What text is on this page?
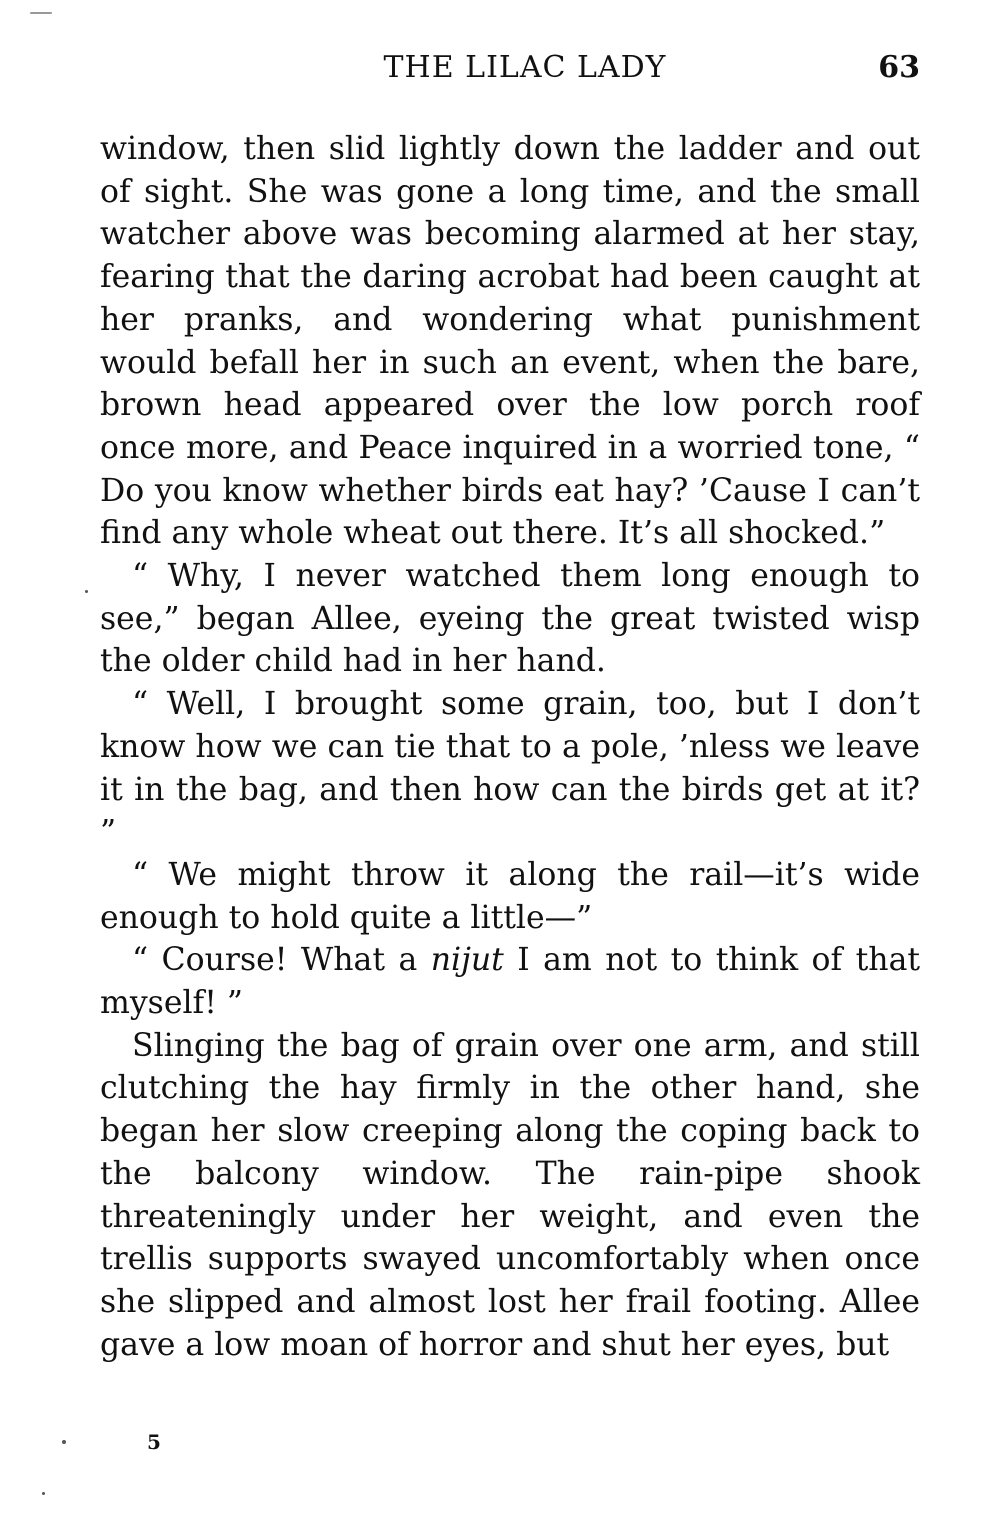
THE LILAC LADY	63

window, then slid lightly down the ladder and out of sight. She was gone a long time, and the small watcher above was becoming alarmed at her stay, fearing that the daring acrobat had been caught at her pranks, and wondering what punishment would befall her in such an event, when the bare, brown head appeared over the low porch roof once more, and Peace inquired in a worried tone, “ Do you know whether birds eat hay? ’Cause I can’t find any whole wheat out there. It’s all shocked.”

“ Why, I never watched them long enough to see,” began Allee, eyeing the great twisted wisp the older child had in her hand.

“ Well, I brought some grain, too, but I don’t know how we can tie that to a pole, ’nless we leave it in the bag, and then how can the birds get at it? ”

“ We might throw it along the rail—it’s wide enough to hold quite a little—”

“ Course! What a nijut I am not to think of that myself! ”

Slinging the bag of grain over one arm, and still clutching the hay firmly in the other hand, she began her slow creeping along the coping back to the balcony window. The rain-pipe shook threateningly under her weight, and even the trellis supports swayed uncomfortably when once she slipped and almost lost her frail footing. Allee gave a low moan of horror and shut her eyes, but

5
